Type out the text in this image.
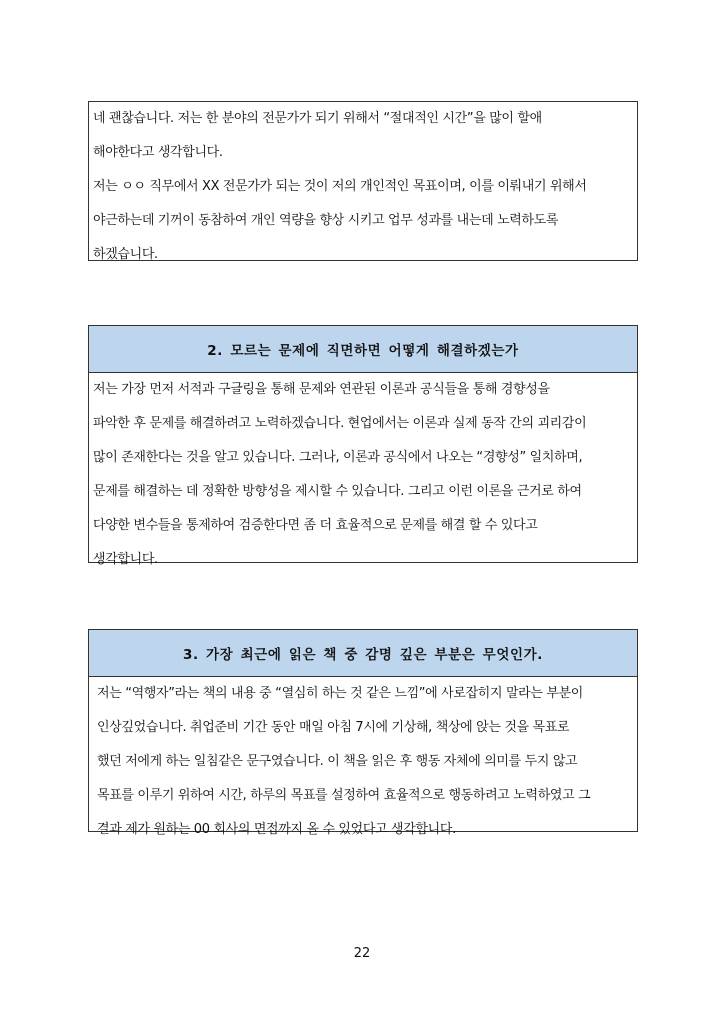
네 괜찮습니다. 저는 한 분야의 전문가가 되기 위해서 “절대적인 시간”을 많이 할애
해야한다고 생각합니다.
저는 ㅇㅇ 직무에서 XX 전문가가 되는 것이 저의 개인적인 목표이며, 이를 이뤄내기 위해서
야근하는데 기꺼이 동참하여 개인 역량을 향상 시키고 업무 성과를 내는데 노력하도록
하겠습니다.
2. 모르는 문제에 직면하면 어떻게 해결하겠는가
저는 가장 먼저 서적과 구글링을 통해 문제와 연관된 이론과 공식들을 통해 경향성을
파악한 후 문제를 해결하려고 노력하겠습니다. 현업에서는 이론과 실제 동작 간의 괴리감이
많이 존재한다는 것을 알고 있습니다. 그러나, 이론과 공식에서 나오는 “경향성” 일치하며,
문제를 해결하는 데 정확한 방향성을 제시할 수 있습니다. 그리고 이런 이론을 근거로 하여
다양한 변수들을 통제하여 검증한다면 좀 더 효율적으로 문제를 해결 할 수 있다고
생각합니다.
3. 가장 최근에 읽은 책 중 감명 깊은 부분은 무엇인가.
저는 “역행자”라는 책의 내용 중 “열심히 하는 것 같은 느낌”에 사로잡히지 말라는 부분이
인상깊었습니다. 취업준비 기간 동안 매일 아침 7시에 기상해, 책상에 앉는 것을 목표로
했던 저에게 하는 일침같은 문구였습니다. 이 책을 읽은 후 행동 자체에 의미를 두지 않고
목표를 이루기 위하여 시간, 하루의 목표를 설정하여 효율적으로 행동하려고 노력하였고 그
결과 제가 원하는 00 회사의 면접까지 올 수 있었다고 생각합니다.
22
